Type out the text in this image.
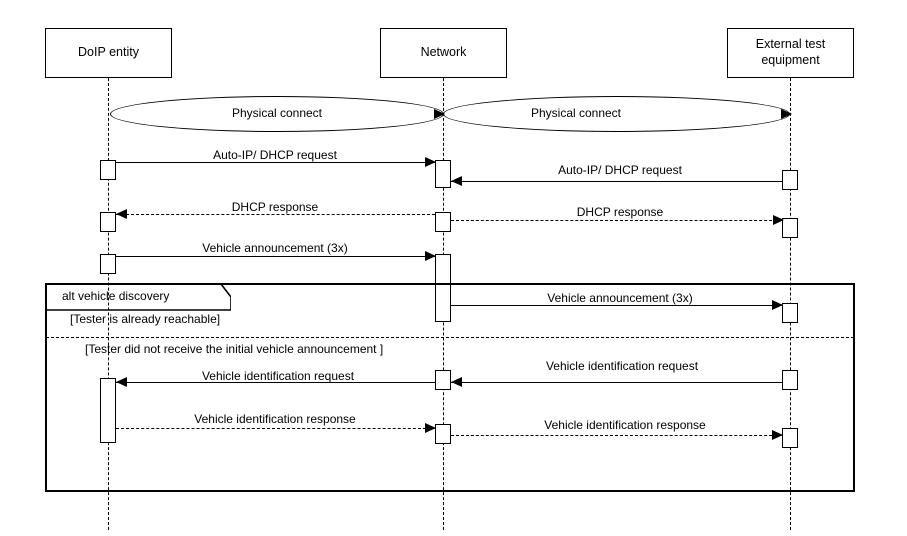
DoIP entity	Network
External test equipment
Physical connect	Physical connect
Auto-IP/ DHCP request
Auto-IP/ DHCP request
DHCP response	DHCP response
Vehicle announcement (3x)
Vehicle announcement (3x)
Vehicle identification request
Vehicle identification request
Vehicle identification response	Vehicle identification response
alt vehicle discovery
[Tester is already reachable]
[Tester did not receive the initial vehicle announcement ]
